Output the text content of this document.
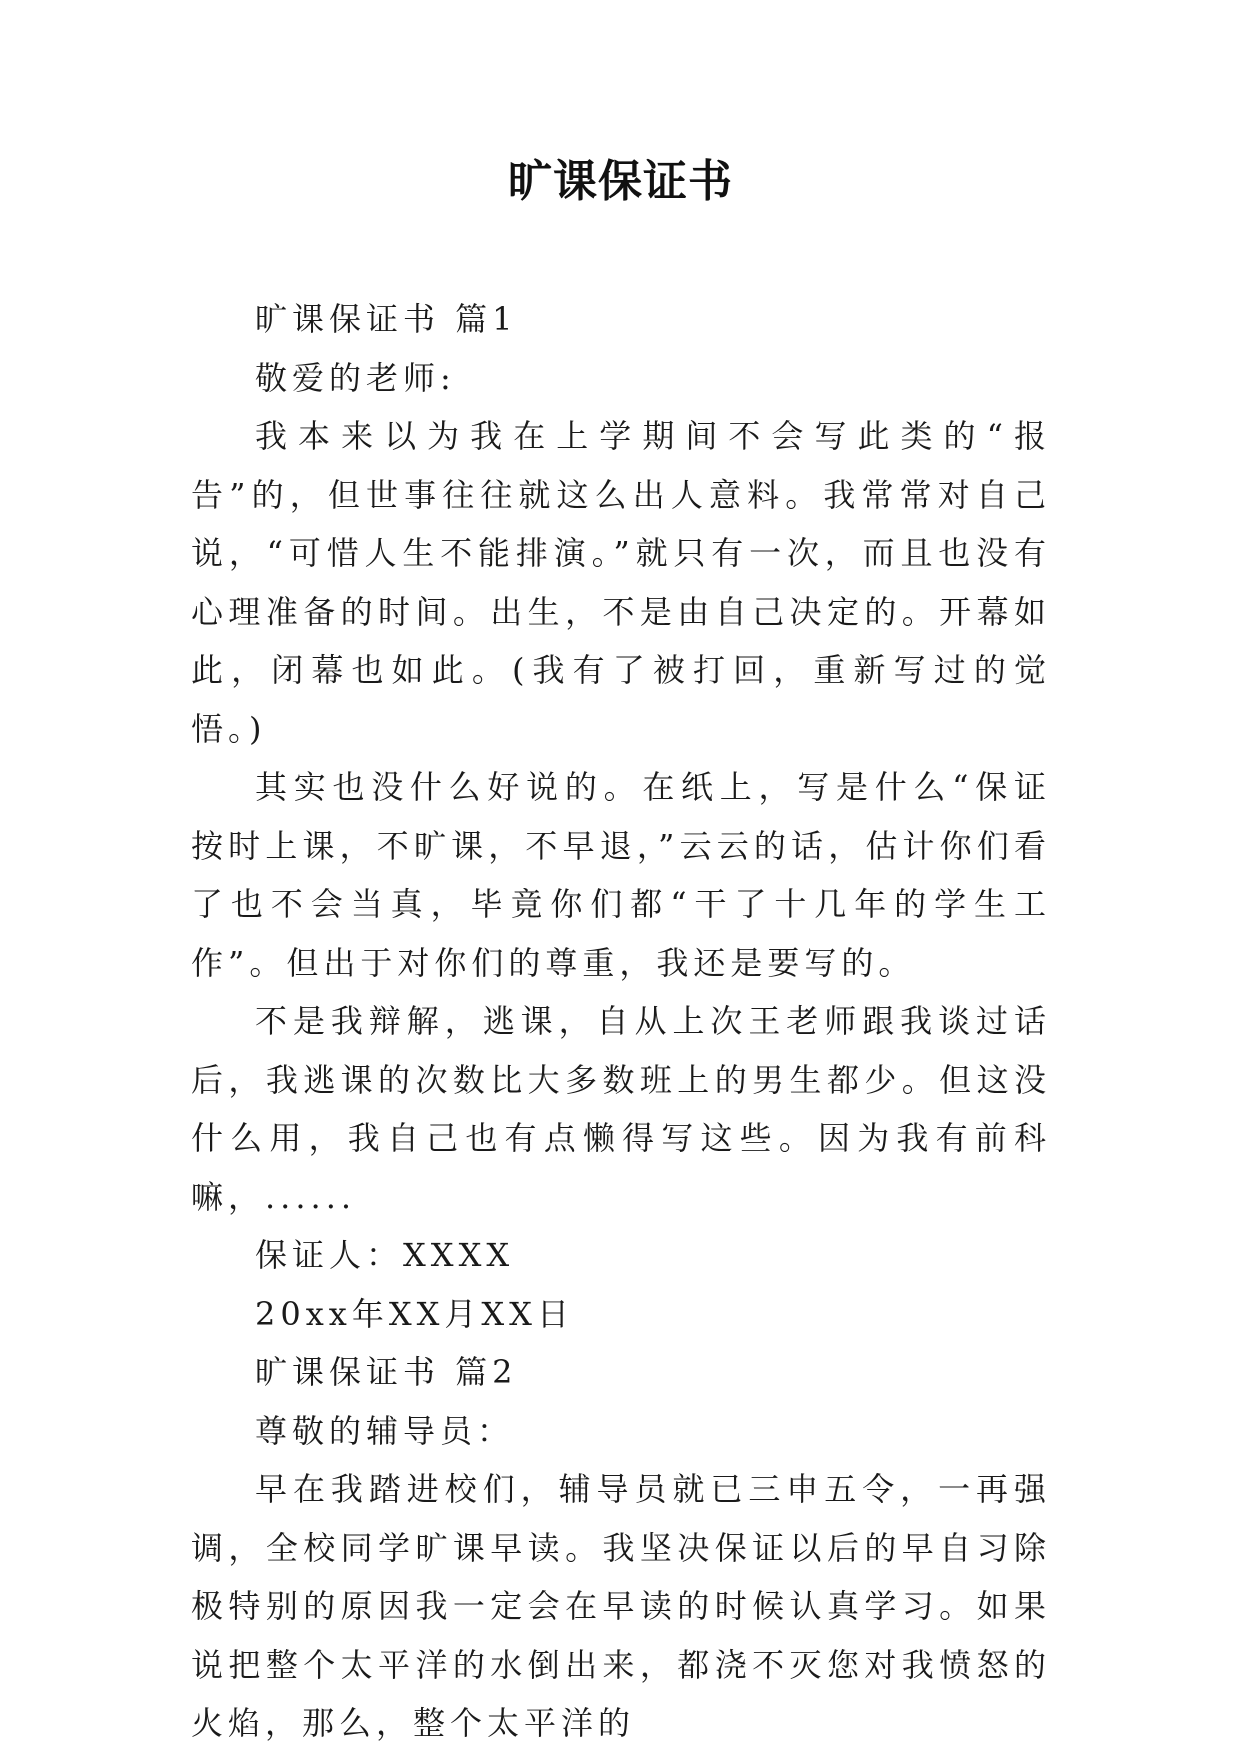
旷课保证书

旷课保证书 篇1

敬爱的老师:

我本来以为我在上学期间不会写此类的“报告”的，但世事往往就这么出人意料。我常常对自己说，“可惜人生不能排演。”就只有一次，而且也没有心理准备的时间。出生，不是由自己决定的。开幕如此，闭幕也如此。(我有了被打回，重新写过的觉悟。)

其实也没什么好说的。在纸上，写是什么“保证按时上课，不旷课，不早退，”云云的话，估计你们看了也不会当真，毕竟你们都“干了十几年的学生工作”。但出于对你们的尊重，我还是要写的。

不是我辩解，逃课，自从上次王老师跟我谈过话后，我逃课的次数比大多数班上的男生都少。但这没什么用，我自己也有点懒得写这些。因为我有前科嘛，......

保证人：XXXX

20xx年XX月XX日

旷课保证书 篇2

尊敬的辅导员：

早在我踏进校们，辅导员就已三申五令，一再强调，全校同学旷课早读。我坚决保证以后的早自习除极特别的原因我一定会在早读的时候认真学习。如果说把整个太平洋的水倒出来，都浇不灭您对我愤怒的火焰，那么，整个太平洋的
